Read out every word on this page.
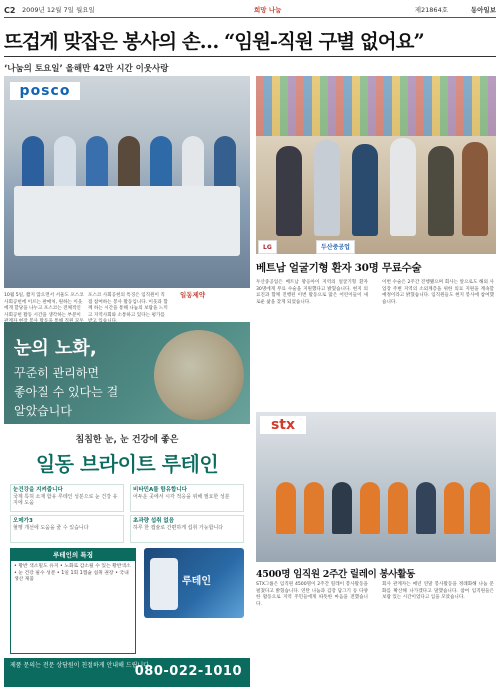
C2 2009년 12월 7일 월요일	희망 나눔	제21864호	동아일보
뜨겁게 맞잡은 봉사의 손… “임원-직원 구별 없어요”
‘나눔의 토요일’ 올해만 42만 시간 이웃사랑
posco
일동제약
10월 5일, 짧지 않으면서 서울도 포스코 사회공헌에 이르는 판매처, 원하는 이웃에게 할당을 나누고 포스코는 전체적인 사회공헌 활동 시간을 생각하는 부분이
포스코 사회공헌의 특징은 임직원이 직접 참여하는 봉사 활동입니다. 이웃과 함께 하는 시간을 통해 나눔의 보람을 느끼고 지역사회와 소통하고 있다는 평가를
눈의 노화,
꾸준히 관리하면
좋아질 수 있다는 걸
알았습니다
침침한 눈, 눈 건강에 좋은
일동 브라이트 루테인
눈건강을 지켜줍니다
국제 특허 소재 함유 루테인 성분으로 눈 건강 유지에 도움
비타민A를 함유합니다
어두운 곳에서 시각 적응을 위해 필요한 성분
오메가3
혈행 개선에 도움을 줄 수 있습니다
초과량 섭취 없음
하루 한 캡슐로 간편하게 섭취 가능합니다
루테인의 특징
• 황반 색소밀도 유지 • 노화로 감소될 수 있는 황반색소 • 눈 건강 필수 성분 • 1일 1회 1캡슐 섭취 권장 • 국내 생산 제품	루테인
제품 문의는 전문 상담원이 친절하게 안내해 드립니다
080-022-1010
LG	두산중공업
베트남 얼굴기형 환자 30명 무료수술
두산중공업은 베트남 꽝응아이 지역의 얼굴기형 환자 30명에게 무료 수술을 지원했다고 밝혔습니다. 현지 의료진과 함께 진행된 이번 활동으로 많은 어린이들이 새로운 삶을 찾게 되었습니다.
이번 수술은 2주간 진행됐으며 회사는 앞으로도 해외 사업장 주변 지역의 소외계층을 위한 의료 지원을 계속할 예정이라고 밝혔습니다. 임직원들도 현지 봉사에 참여했습니다.
stx
4500명 임직원 2주간 릴레이 봉사활동
STX그룹은 임직원 4500명이 2주간 릴레이 봉사활동을 펼쳤다고 밝혔습니다. 연탄 나눔과 김장 담그기 등 다양한 활동으로 지역 주민들에게 따뜻한 마음을 전했습니다.
회사 관계자는 매년 연말 봉사활동을 정례화해 나눔 문화를 확산해 나가겠다고 말했습니다. 참여 임직원들은 보람 있는 시간이었다고 입을 모았습니다.
